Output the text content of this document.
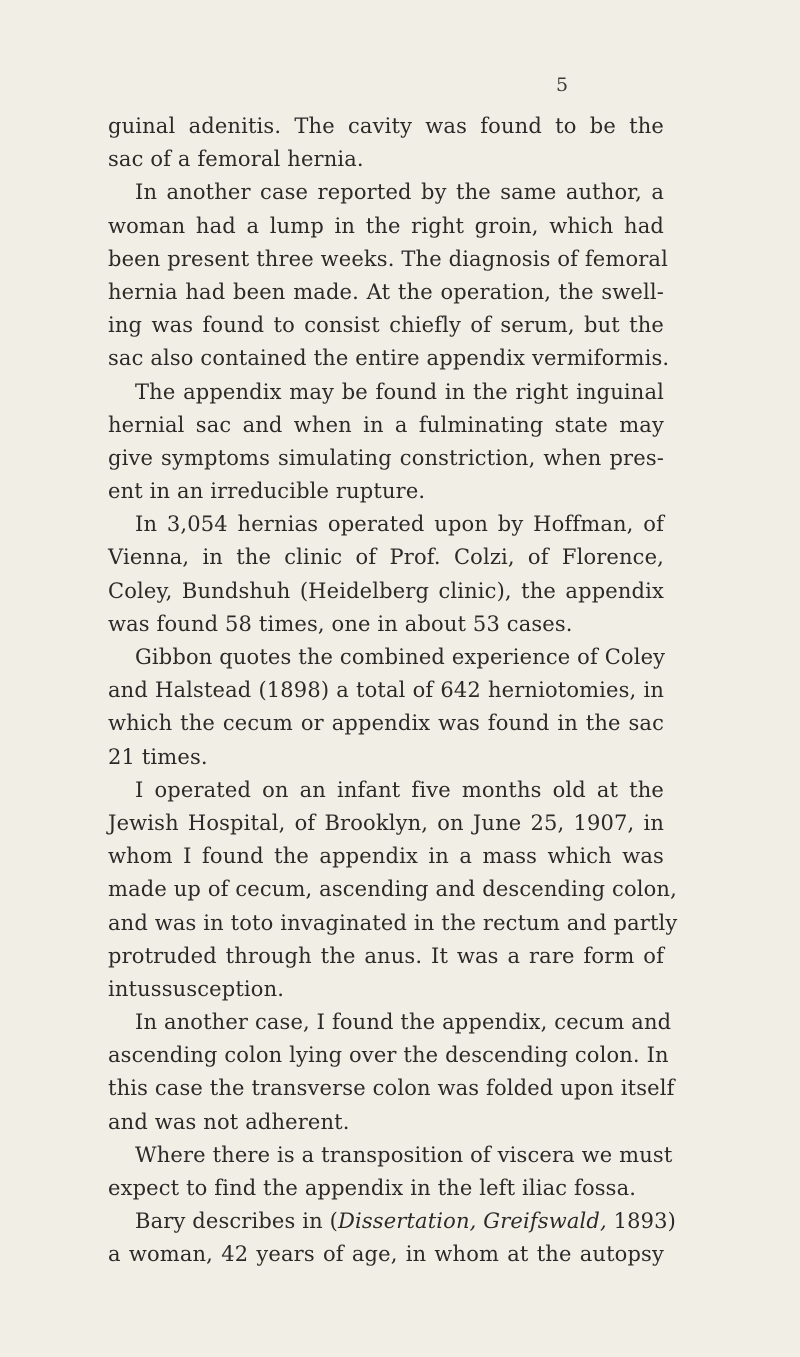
5
guinal adenitis. The cavity was found to be the
sac of a femoral hernia.
In another case reported by the same author, a
woman had a lump in the right groin, which had
been present three weeks. The diagnosis of femoral
hernia had been made. At the operation, the swell-
ing was found to consist chiefly of serum, but the
sac also contained the entire appendix vermiformis.
The appendix may be found in the right inguinal
hernial sac and when in a fulminating state may
give symptoms simulating constriction, when pres-
ent in an irreducible rupture.
In 3,054 hernias operated upon by Hoffman, of
Vienna, in the clinic of Prof. Colzi, of Florence,
Coley, Bundshuh (Heidelberg clinic), the appendix
was found 58 times, one in about 53 cases.
Gibbon quotes the combined experience of Coley
and Halstead (1898) a total of 642 herniotomies, in
which the cecum or appendix was found in the sac
21 times.
I operated on an infant five months old at the
Jewish Hospital, of Brooklyn, on June 25, 1907, in
whom I found the appendix in a mass which was
made up of cecum, ascending and descending colon,
and was in toto invaginated in the rectum and partly
protruded through the anus. It was a rare form of
intussusception.
In another case, I found the appendix, cecum and
ascending colon lying over the descending colon. In
this case the transverse colon was folded upon itself
and was not adherent.
Where there is a transposition of viscera we must
expect to find the appendix in the left iliac fossa.
Bary describes in (Dissertation, Greifswald, 1893)
a woman, 42 years of age, in whom at the autopsy
